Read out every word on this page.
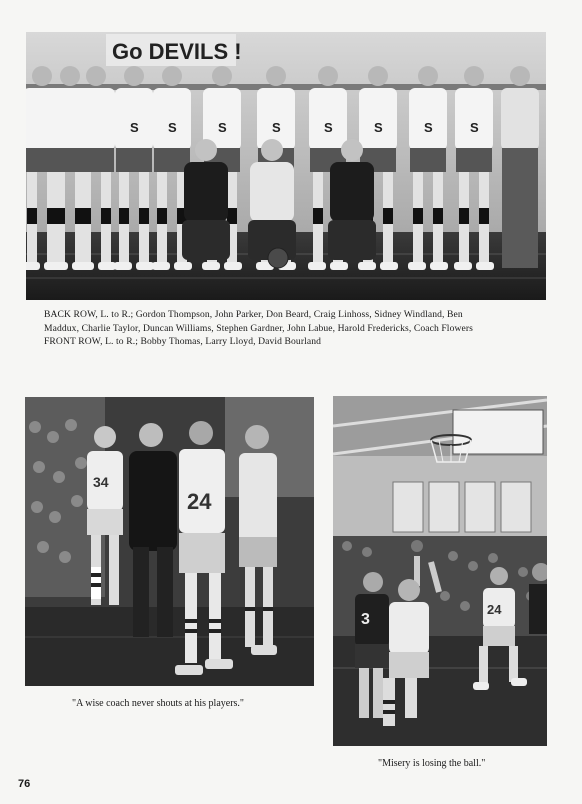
Go DEVILS !
S S	S	S	S	S	S	S
BACK ROW, L. to R.; Gordon Thompson, John Parker, Don Beard, Craig Linhoss, Sidney Windland, Ben
Maddux, Charlie Taylor, Duncan Williams, Stephen Gardner, John Labue, Harold Fredericks, Coach Flowers
FRONT ROW, L. to R.; Bobby Thomas, Larry Lloyd, David Bourland
34
24
"A wise coach never shouts at his players."
3
24
"Misery is losing the ball."
76
